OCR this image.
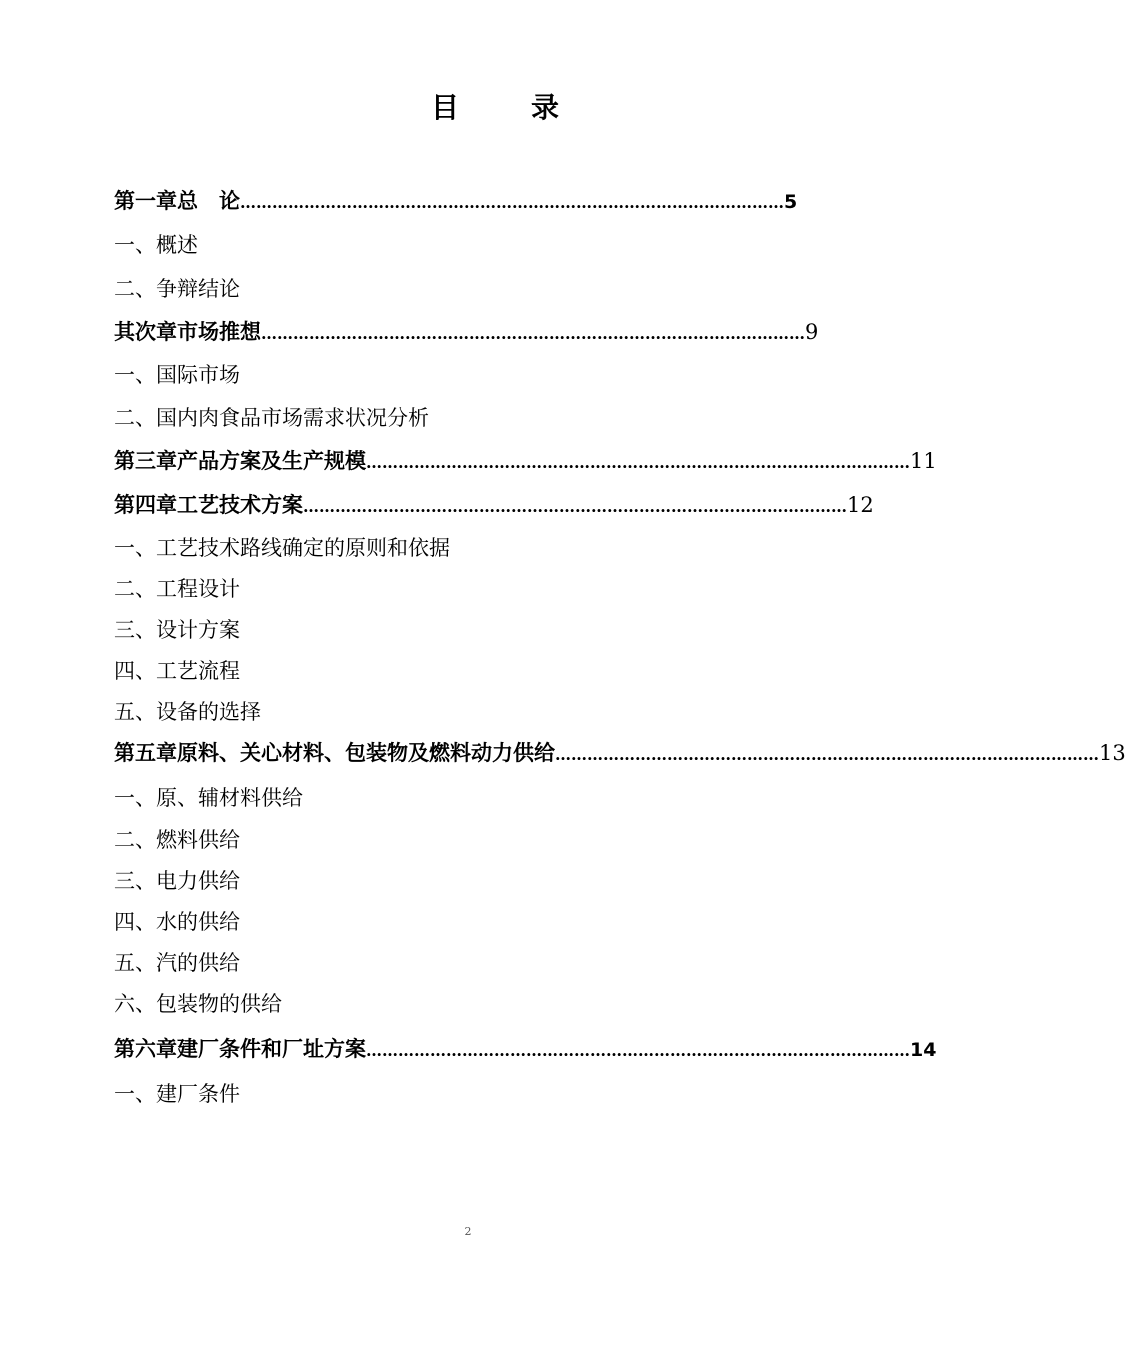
目	录
第一章 总　论 ………………………………………………………………………………………… 5
一、概述
二、争辩结论
其次章 市场推想 ………………………………………………………………………………………… 9
一、国际市场
二、国内肉食品市场需求状况分析
第三章 产品方案及生产规模 ………………………………………………………………………………………… 11
第四章 工艺技术方案 ………………………………………………………………………………………… 12
一、工艺技术路线确定的原则和依据
二、工程设计
三、设计方案
四、工艺流程
五、设备的选择
第五章 原料、关心材料、包装物及燃料动力供给 ………………………………………………………………………………………… 13
一、原、辅材料供给
二、燃料供给
三、电力供给
四、水的供给
五、汽的供给
六、包装物的供给
第六章 建厂条件和厂址方案 ………………………………………………………………………………………… 14
一、建厂条件
2
